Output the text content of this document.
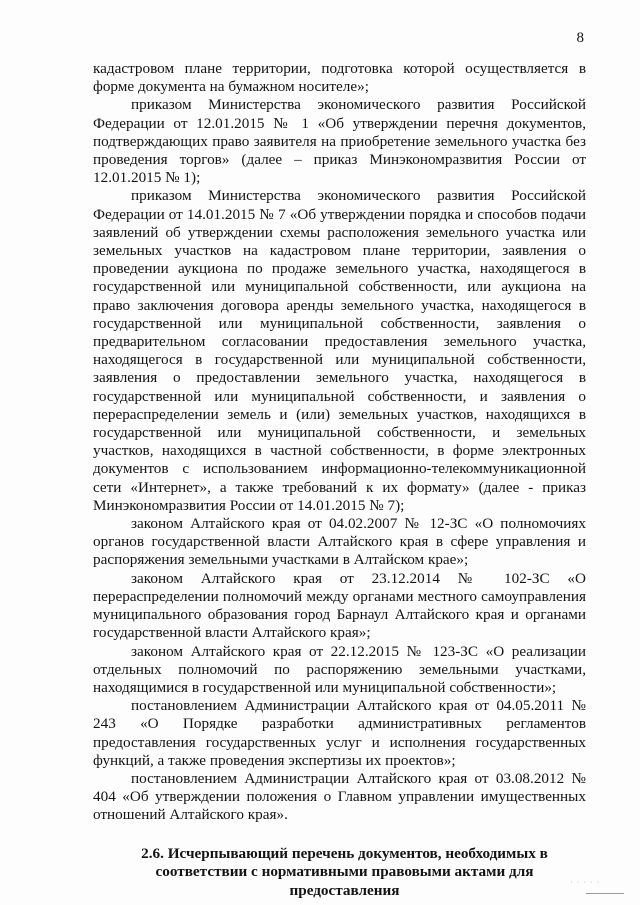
8

кадастровом плане территории, подготовка которой осуществляется в форме документа на бумажном носителе»;

приказом Министерства экономического развития Российской Федерации от 12.01.2015 № 1 «Об утверждении перечня документов, подтверждающих право заявителя на приобретение земельного участка без проведения торгов» (далее – приказ Минэкономразвития России от 12.01.2015 № 1);

приказом Министерства экономического развития Российской Федерации от 14.01.2015 № 7 «Об утверждении порядка и способов подачи заявлений об утверждении схемы расположения земельного участка или земельных участков на кадастровом плане территории, заявления о проведении аукциона по продаже земельного участка, находящегося в государственной или муниципальной собственности, или аукциона на право заключения договора аренды земельного участка, находящегося в государственной или муниципальной собственности, заявления о предварительном согласовании предоставления земельного участка, находящегося в государственной или муниципальной собственности, заявления о предоставлении земельного участка, находящегося в государственной или муниципальной собственности, и заявления о перераспределении земель и (или) земельных участков, находящихся в государственной или муниципальной собственности, и земельных участков, находящихся в частной собственности, в форме электронных документов с использованием информационно-телекоммуникационной сети «Интернет», а также требований к их формату» (далее - приказ Минэкономразвития России от 14.01.2015 № 7);

законом Алтайского края от 04.02.2007 № 12-ЗС «О полномочиях органов государственной власти Алтайского края в сфере управления и распоряжения земельными участками в Алтайском крае»;

законом Алтайского края от 23.12.2014 № 102-ЗС «О перераспределении полномочий между органами местного самоуправления муниципального образования город Барнаул Алтайского края и органами государственной власти Алтайского края»;

законом Алтайского края от 22.12.2015 № 123-ЗС «О реализации отдельных полномочий по распоряжению земельными участками, находящимися в государственной или муниципальной собственности»;

постановлением Администрации Алтайского края от 04.05.2011 № 243 «О Порядке разработки административных регламентов предоставления государственных услуг и исполнения государственных функций, а также проведения экспертизы их проектов»;

постановлением Администрации Алтайского края от 03.08.2012 № 404 «Об утверждении положения о Главном управлении имущественных отношений Алтайского края».

2.6. Исчерпывающий перечень документов, необходимых в соответствии с нормативными правовыми актами для предоставления	· · · · ·
